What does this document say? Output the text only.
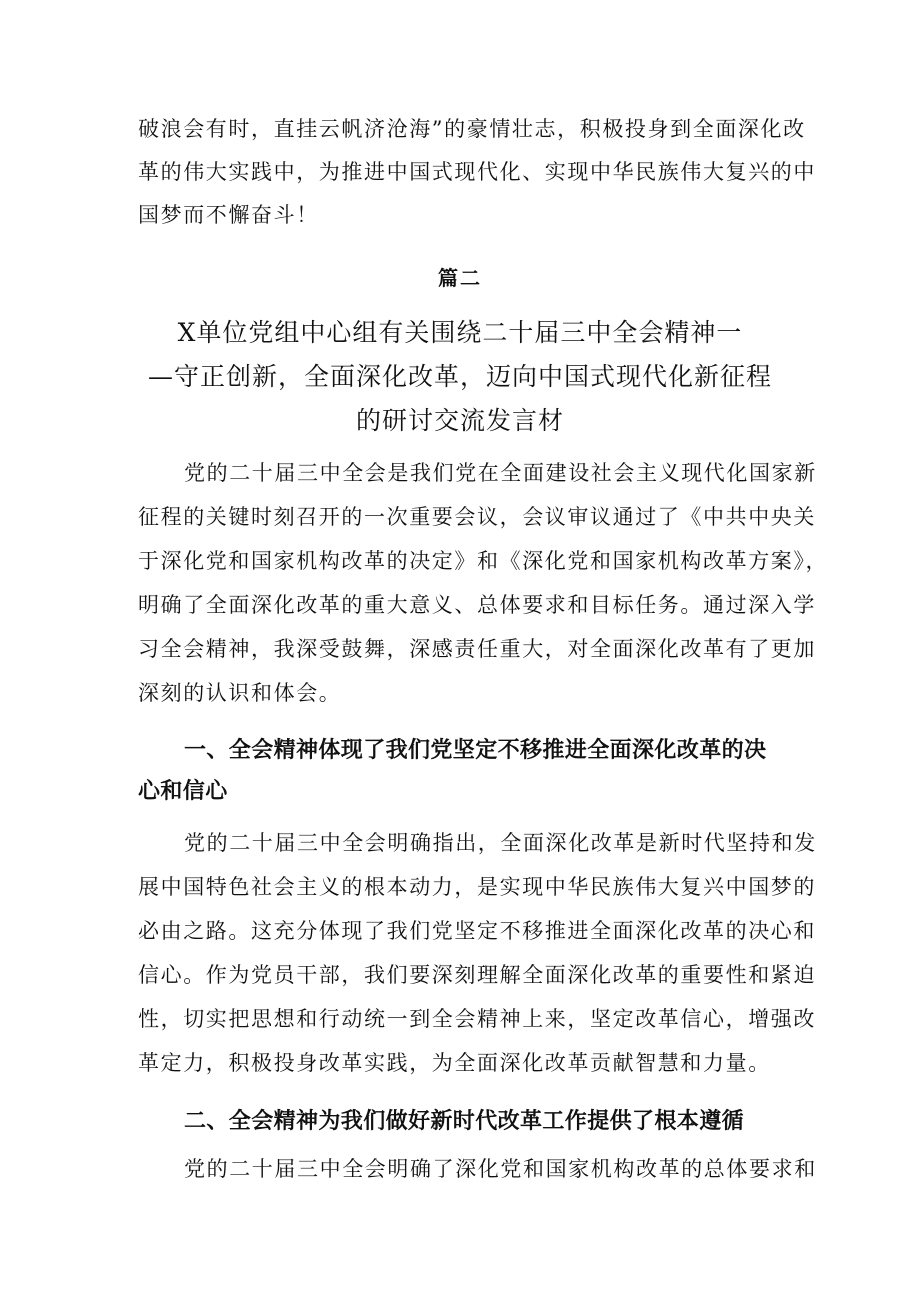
破浪会有时，直挂云帆济沧海”的豪情壮志，积极投身到全面深化改
革的伟大实践中，为推进中国式现代化、实现中华民族伟大复兴的中
国梦而不懈奋斗！
篇二
X单位党组中心组有关围绕二十届三中全会精神一
—守正创新，全面深化改革，迈向中国式现代化新征程
的研讨交流发言材
党的二十届三中全会是我们党在全面建设社会主义现代化国家新
征程的关键时刻召开的一次重要会议，会议审议通过了《中共中央关
于深化党和国家机构改革的决定》和《深化党和国家机构改革方案》，
明确了全面深化改革的重大意义、总体要求和目标任务。通过深入学
习全会精神，我深受鼓舞，深感责任重大，对全面深化改革有了更加
深刻的认识和体会。
一、全会精神体现了我们党坚定不移推进全面深化改革的决
心和信心
党的二十届三中全会明确指出，全面深化改革是新时代坚持和发
展中国特色社会主义的根本动力，是实现中华民族伟大复兴中国梦的
必由之路。这充分体现了我们党坚定不移推进全面深化改革的决心和
信心。作为党员干部，我们要深刻理解全面深化改革的重要性和紧迫
性，切实把思想和行动统一到全会精神上来，坚定改革信心，增强改
革定力，积极投身改革实践，为全面深化改革贡献智慧和力量。
二、全会精神为我们做好新时代改革工作提供了根本遵循
党的二十届三中全会明确了深化党和国家机构改革的总体要求和
